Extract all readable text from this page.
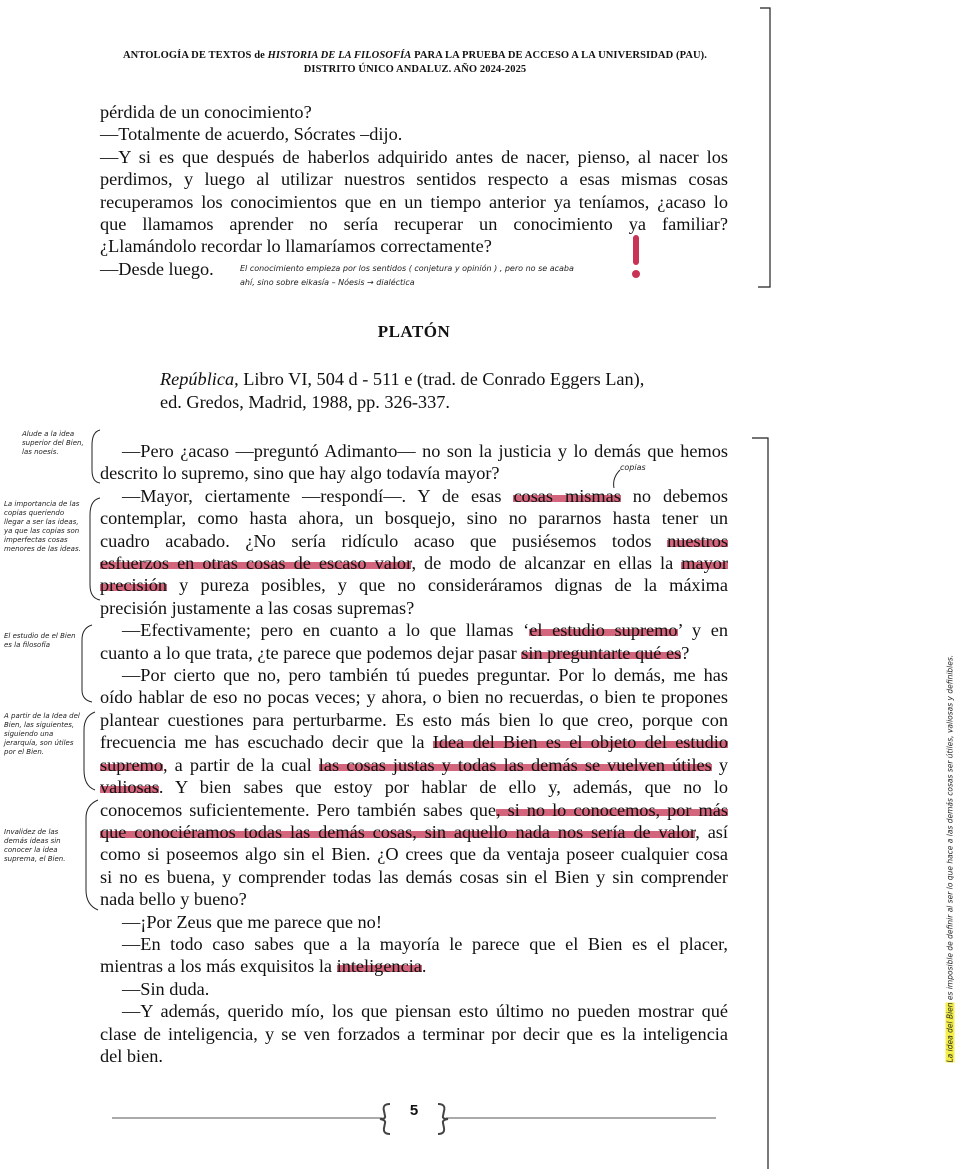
ANTOLOGÍA DE TEXTOS de HISTORIA DE LA FILOSOFÍA PARA LA PRUEBA DE ACCESO A LA UNIVERSIDAD (PAU).
DISTRITO ÚNICO ANDALUZ. AÑO 2024-2025
pérdida de un conocimiento?
—Totalmente de acuerdo, Sócrates –dijo.
—Y si es que después de haberlos adquirido antes de nacer, pienso, al nacer los
perdimos, y luego al utilizar nuestros sentidos respecto a esas mismas cosas
recuperamos los conocimientos que en un tiempo anterior ya teníamos, ¿acaso lo
que llamamos aprender no sería recuperar un conocimiento ya familiar?
¿Llamándolo recordar lo llamaríamos correctamente?
—Desde luego.	El conocimiento empieza por los sentidos ( conjetura y opinión ) , pero no se acaba
ahí, sino sobre eikasía – Nóesis → dialéctica
PLATÓN
República, Libro VI, 504 d - 511 e (trad. de Conrado Eggers Lan),
ed. Gredos, Madrid, 1988, pp. 326-337.
copias
—Pero ¿acaso —preguntó Adimanto— no son la justicia y lo demás que hemos
descrito lo supremo, sino que hay algo todavía mayor?
—Mayor, ciertamente —respondí—. Y de esas cosas mismas no debemos
contemplar, como hasta ahora, un bosquejo, sino no pararnos hasta tener un
cuadro acabado. ¿No sería ridículo acaso que pusiésemos todos nuestros
esfuerzos en otras cosas de escaso valor, de modo de alcanzar en ellas la mayor
precisión y pureza posibles, y que no consideráramos dignas de la máxima
precisión justamente a las cosas supremas?
—Efectivamente; pero en cuanto a lo que llamas ‘el estudio supremo’ y en
cuanto a lo que trata, ¿te parece que podemos dejar pasar sin preguntarte qué es?
—Por cierto que no, pero también tú puedes preguntar. Por lo demás, me has
oído hablar de eso no pocas veces; y ahora, o bien no recuerdas, o bien te propones
plantear cuestiones para perturbarme. Es esto más bien lo que creo, porque con
frecuencia me has escuchado decir que la Idea del Bien es el objeto del estudio
supremo, a partir de la cual las cosas justas y todas las demás se vuelven útiles y
valiosas. Y bien sabes que estoy por hablar de ello y, además, que no lo
conocemos suficientemente. Pero también sabes que, si no lo conocemos, por más
que conociéramos todas las demás cosas, sin aquello nada nos sería de valor, así
como si poseemos algo sin el Bien. ¿O crees que da ventaja poseer cualquier cosa
si no es buena, y comprender todas las demás cosas sin el Bien y sin comprender
nada bello y bueno?
—¡Por Zeus que me parece que no!
—En todo caso sabes que a la mayoría le parece que el Bien es el placer,
mientras a los más exquisitos la inteligencia.
—Sin duda.
—Y además, querido mío, los que piensan esto último no pueden mostrar qué
clase de inteligencia, y se ven forzados a terminar por decir que es la inteligencia
del bien.
Alude a la idea superior del Bien, las noesis.
La importancia de las copias queriendo llegar a ser las ideas, ya que las copias son imperfectas cosas menores de las ideas.
El estudio de el Bien es la filosofía
A partir de la Idea del Bien, las siguientes, siguiendo una jerarquía, son útiles por el Bien.
Invalidez de las demás ideas sin conocer la idea suprema, el Bien.
La idea del Bien es imposible de definir al ser lo que hace a las demás cosas ser útiles, valiosas y definibles.
5
